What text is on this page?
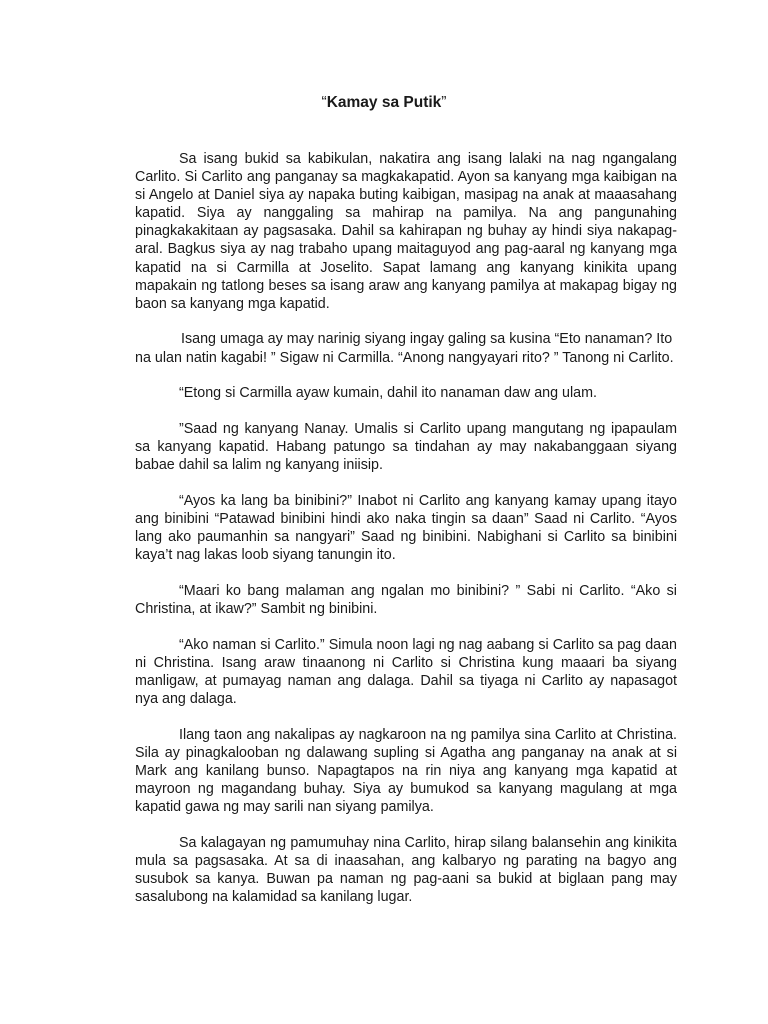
“Kamay sa Putik”

Sa isang bukid sa kabikulan, nakatira ang isang lalaki na nag ngangalang Carlito. Si Carlito ang panganay sa magkakapatid. Ayon sa kanyang mga kaibigan na si Angelo at Daniel siya ay napaka buting kaibigan, masipag na anak at maaasahang kapatid. Siya ay nanggaling sa mahirap na pamilya. Na ang pangunahing pinagkakakitaan ay pagsasaka. Dahil sa kahirapan ng buhay ay hindi siya nakapag-aral. Bagkus siya ay nag trabaho upang maitaguyod ang pag-aaral ng kanyang mga kapatid na si Carmilla at Joselito. Sapat lamang ang kanyang kinikita upang mapakain ng tatlong beses sa isang araw ang kanyang pamilya at makapag bigay ng baon sa kanyang mga kapatid.

Isang umaga ay may narinig siyang ingay galing sa kusina “Eto nanaman? Ito na ulan natin kagabi! ” Sigaw ni Carmilla. “Anong nangyayari rito? ” Tanong ni Carlito.

“Etong si Carmilla ayaw kumain, dahil ito nanaman daw ang ulam.

”Saad ng kanyang Nanay. Umalis si Carlito upang mangutang ng ipapaulam sa kanyang kapatid. Habang patungo sa tindahan ay may nakabanggaan siyang babae dahil sa lalim ng kanyang iniisip.

“Ayos ka lang ba binibini?” Inabot ni Carlito ang kanyang kamay upang itayo ang binibini “Patawad binibini hindi ako naka tingin sa daan” Saad ni Carlito. “Ayos lang ako paumanhin sa nangyari” Saad ng binibini. Nabighani si Carlito sa binibini kaya’t nag lakas loob siyang tanungin ito.

“Maari ko bang malaman ang ngalan mo binibini? ” Sabi ni Carlito. “Ako si Christina, at ikaw?” Sambit ng binibini.

“Ako naman si Carlito.” Simula noon lagi ng nag aabang si Carlito sa pag daan ni Christina. Isang araw tinaanong ni Carlito si Christina kung maaari ba siyang manligaw, at pumayag naman ang dalaga. Dahil sa tiyaga ni Carlito ay napasagot nya ang dalaga.

Ilang taon ang nakalipas ay nagkaroon na ng pamilya sina Carlito at Christina. Sila ay pinagkalooban ng dalawang supling si Agatha ang panganay na anak at si Mark ang kanilang bunso. Napagtapos na rin niya ang kanyang mga kapatid at mayroon ng magandang buhay. Siya ay bumukod sa kanyang magulang at mga kapatid gawa ng may sarili nan siyang pamilya.

Sa kalagayan ng pamumuhay nina Carlito, hirap silang balansehin ang kinikita mula sa pagsasaka. At sa di inaasahan, ang kalbaryo ng parating na bagyo ang susubok sa kanya. Buwan pa naman ng pag-aani sa bukid at biglaan pang may sasalubong na kalamidad sa kanilang lugar.
